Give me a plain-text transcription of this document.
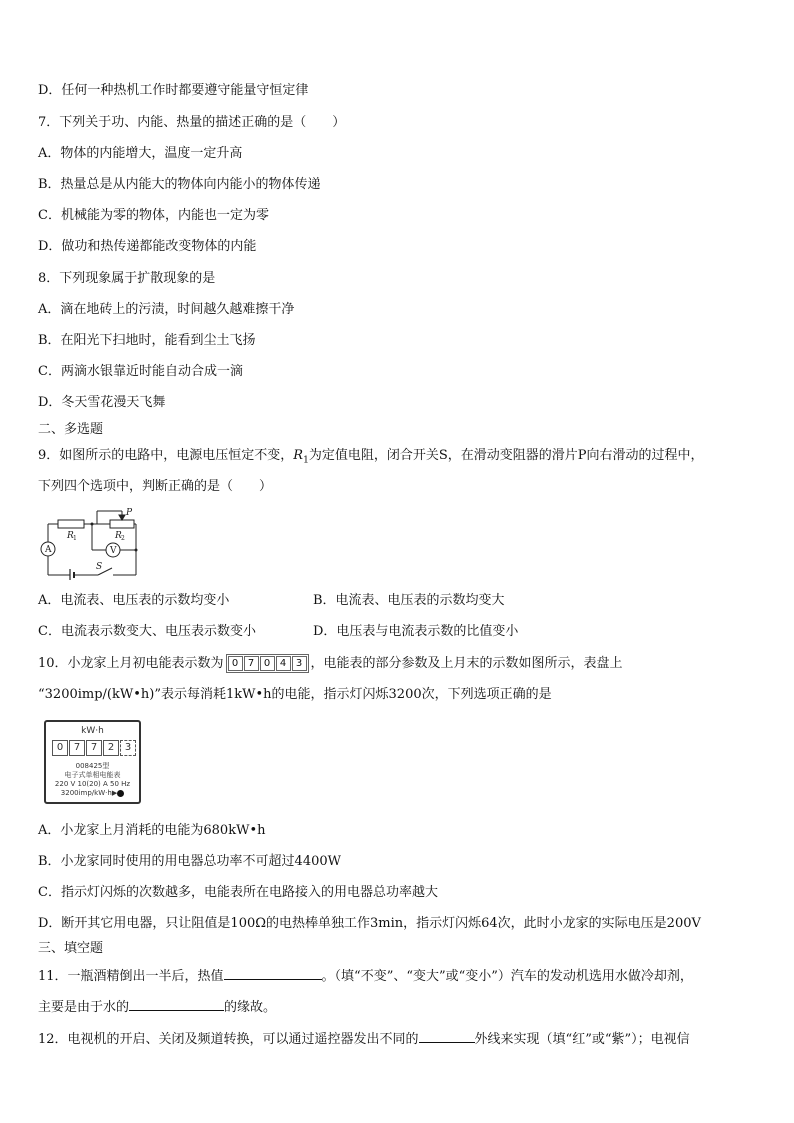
D．任何一种热机工作时都要遵守能量守恒定律
7．下列关于功、内能、热量的描述正确的是（　　）
A．物体的内能增大，温度一定升高
B．热量总是从内能大的物体向内能小的物体传递
C．机械能为零的物体，内能也一定为零
D．做功和热传递都能改变物体的内能
8．下列现象属于扩散现象的是
A．滴在地砖上的污渍，时间越久越难擦干净
B．在阳光下扫地时，能看到尘土飞扬
C．两滴水银靠近时能自动合成一滴
D．冬天雪花漫天飞舞
二、多选题
9．如图所示的电路中，电源电压恒定不变，$R_1$为定值电阻，闭合开关S，在滑动变阻器的滑片P向右滑动的过程中，
下列四个选项中，判断正确的是（　　）
A	V
R 1	R 2
P
S
A．电流表、电压表的示数均变小	B．电流表、电压表的示数均变大
C．电流表示数变大、电压表示数变小	D．电压表与电流表示数的比值变小
10．小龙家上月初电能表示数为 0 7 0 4 3 ，电能表的部分参数及上月末的示数如图所示，表盘上
“3200imp/(kW•h)”表示每消耗1kW•h的电能，指示灯闪烁3200次，下列选项正确的是
kW·h
0	7	7	2	3
008425型
电子式单相电能表
220 V 10(20) A 50 Hz
3200imp/kW·h▶
A．小龙家上月消耗的电能为680kW•h
B．小龙家同时使用的用电器总功率不可超过4400W
C．指示灯闪烁的次数越多，电能表所在电路接入的用电器总功率越大
D．断开其它用电器，只让阻值是100Ω的电热棒单独工作3min，指示灯闪烁64次，此时小龙家的实际电压是200V
三、填空题
11．一瓶酒精倒出一半后，热值	。（填“不变”、“变大”或“变小”）汽车的发动机选用水做冷却剂，
主要是由于水的	的缘故。
12．电视机的开启、关闭及频道转换，可以通过遥控器发出不同的	外线来实现（填“红”或“紫”）；电视信
